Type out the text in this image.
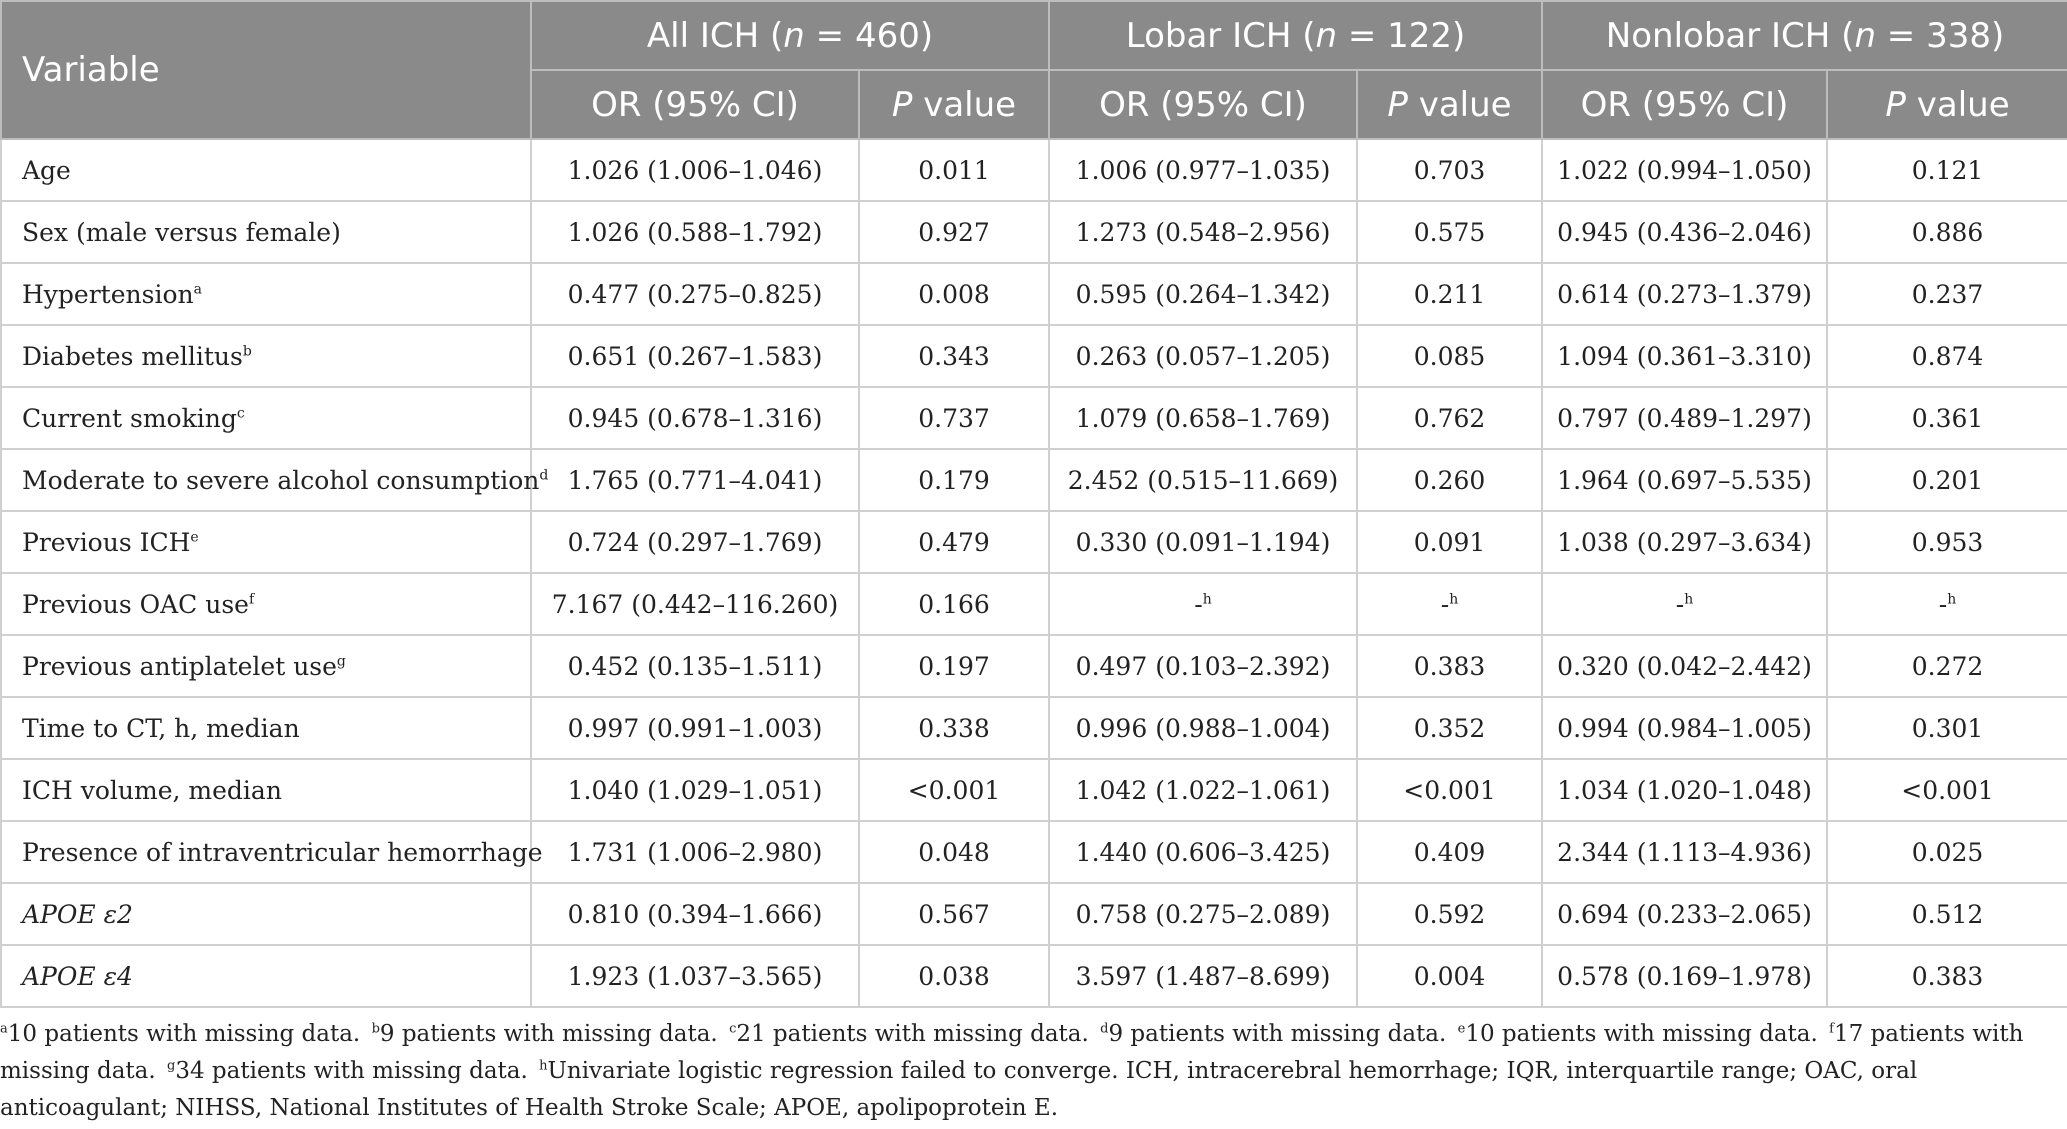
Variable	All ICH (n = 460)		Lobar ICH (n = 122)		Nonlobar ICH (n = 338)	
	OR (95% CI)	P value	OR (95% CI)	P value	OR (95% CI)	P value
Age	1.026 (1.006–1.046)	0.011	1.006 (0.977–1.035)	0.703	1.022 (0.994–1.050)	0.121
Sex (male versus female)	1.026 (0.588–1.792)	0.927	1.273 (0.548–2.956)	0.575	0.945 (0.436–2.046)	0.886
Hypertension$^a$	0.477 (0.275–0.825)	0.008	0.595 (0.264–1.342)	0.211	0.614 (0.273–1.379)	0.237
Diabetes mellitus$^b$	0.651 (0.267–1.583)	0.343	0.263 (0.057–1.205)	0.085	1.094 (0.361–3.310)	0.874
Current smoking$^c$	0.945 (0.678–1.316)	0.737	1.079 (0.658–1.769)	0.762	0.797 (0.489–1.297)	0.361
Moderate to severe alcohol consumption$^d$	1.765 (0.771–4.041)	0.179	2.452 (0.515–11.669)	0.260	1.964 (0.697–5.535)	0.201
Previous ICH$^e$	0.724 (0.297–1.769)	0.479	0.330 (0.091–1.194)	0.091	1.038 (0.297–3.634)	0.953
Previous OAC use$^f$	7.167 (0.442–116.260)	0.166	-$^h$	-$^h$	-$^h$	-$^h$
Previous antiplatelet use$^g$	0.452 (0.135–1.511)	0.197	0.497 (0.103–2.392)	0.383	0.320 (0.042–2.442)	0.272
Time to CT, h, median	0.997 (0.991–1.003)	0.338	0.996 (0.988–1.004)	0.352	0.994 (0.984–1.005)	0.301
ICH volume, median	1.040 (1.029–1.051)	<0.001	1.042 (1.022–1.061)	<0.001	1.034 (1.020–1.048)	<0.001
Presence of intraventricular hemorrhage	1.731 (1.006–2.980)	0.048	1.440 (0.606–3.425)	0.409	2.344 (1.113–4.936)	0.025
APOE ε2	0.810 (0.394–1.666)	0.567	0.758 (0.275–2.089)	0.592	0.694 (0.233–2.065)	0.512
APOE ε4	1.923 (1.037–3.565)	0.038	3.597 (1.487–8.699)	0.004	0.578 (0.169–1.978)	0.383
$^a$10 patients with missing data. $^b$9 patients with missing data. $^c$21 patients with missing data. $^d$9 patients with missing data. $^e$10 patients with missing data. $^f$17 patients with missing data. $^g$34 patients with missing data. $^h$Univariate logistic regression failed to converge. ICH, intracerebral hemorrhage; IQR, interquartile range; OAC, oral anticoagulant; NIHSS, National Institutes of Health Stroke Scale; APOE, apolipoprotein E.
